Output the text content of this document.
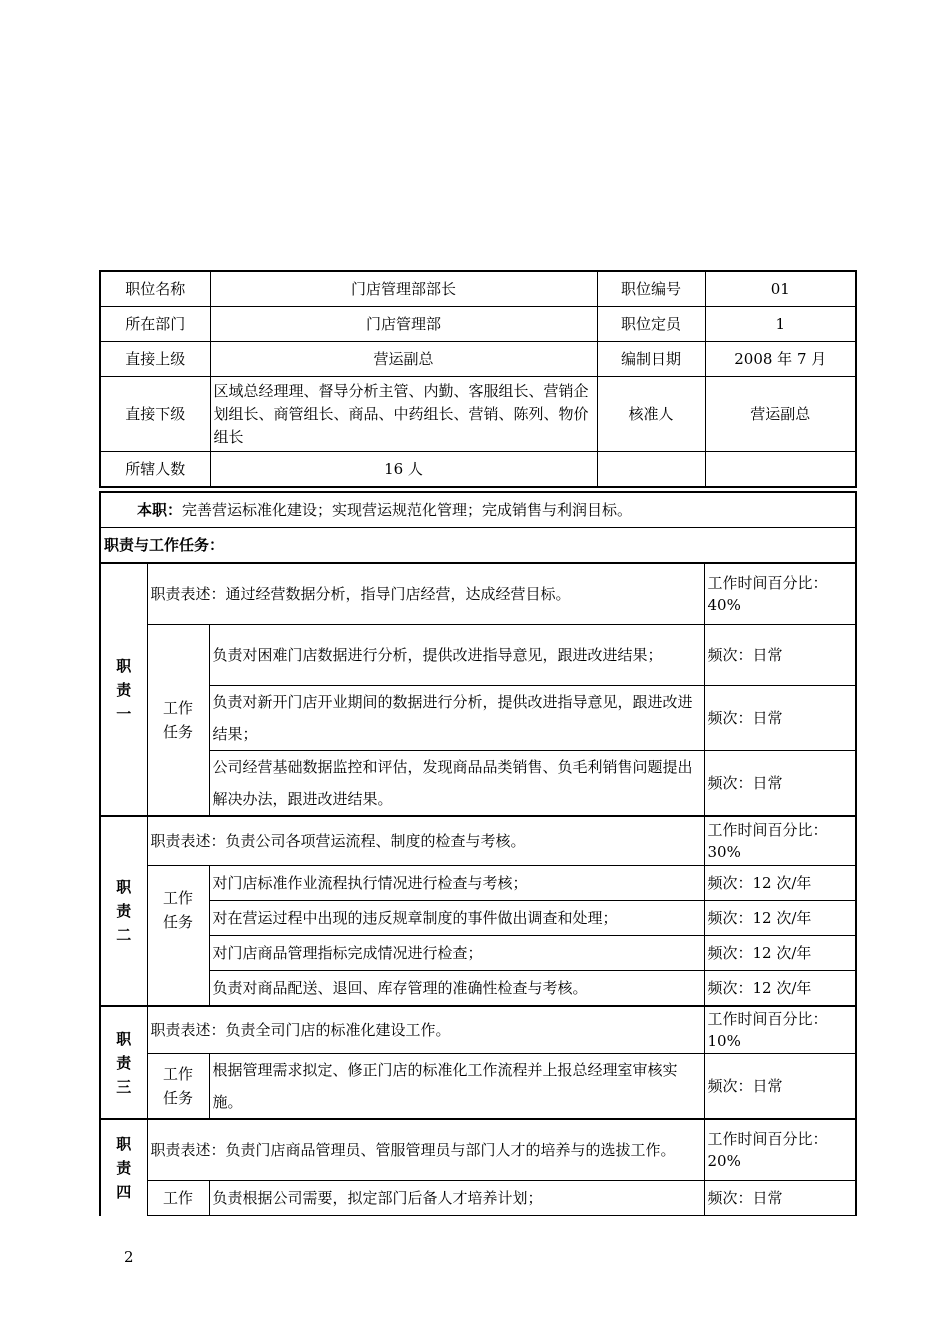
职位名称	门店管理部部长	职位编号	01
所在部门	门店管理部	职位定员	1
直接上级	营运副总	编制日期	2008 年 7 月
直接下级	区域总经理理、督导分析主管、内勤、客服组长、营销企划组长、商管组长、商品、中药组长、营销、陈列、物价组长	核准人	营运副总
所辖人数	16 人		
本职：完善营运标准化建设；实现营运规范化管理；完成销售与利润目标。			
职责与工作任务：			

职
责
一	职责表述：通过经营数据分析，指导门店经营，达成经营目标。		工作时间百分比：40%

	工作
任务	负责对困难门店数据进行分析，提供改进指导意见，跟进改进结果；	频次：日常
		负责对新开门店开业期间的数据进行分析，提供改进指导意见，跟进改进结果；	频次：日常
		公司经营基础数据监控和评估，发现商品品类销售、负毛利销售问题提出解决办法，跟进改进结果。	频次：日常

职
责
二	职责表述：负责公司各项营运流程、制度的检查与考核。		工作时间百分比：30%

	工作
任务	对门店标准作业流程执行情况进行检查与考核；	频次：12 次/年
		对在营运过程中出现的违反规章制度的事件做出调查和处理；	频次：12 次/年
		对门店商品管理指标完成情况进行检查；	频次：12 次/年
		负责对商品配送、退回、库存管理的准确性检查与考核。	频次：12 次/年

职
责
三	职责表述：负责全司门店的标准化建设工作。		工作时间百分比：10%

	工作
任务	根据管理需求拟定、修正门店的标准化工作流程并上报总经理室审核实施。	频次：日常

职
责
四	职责表述：负责门店商品管理员、管服管理员与部门人才的培养与的选拔工作。		工作时间百分比：20%

	工作	负责根据公司需要，拟定部门后备人才培养计划；	频次：日常
2
